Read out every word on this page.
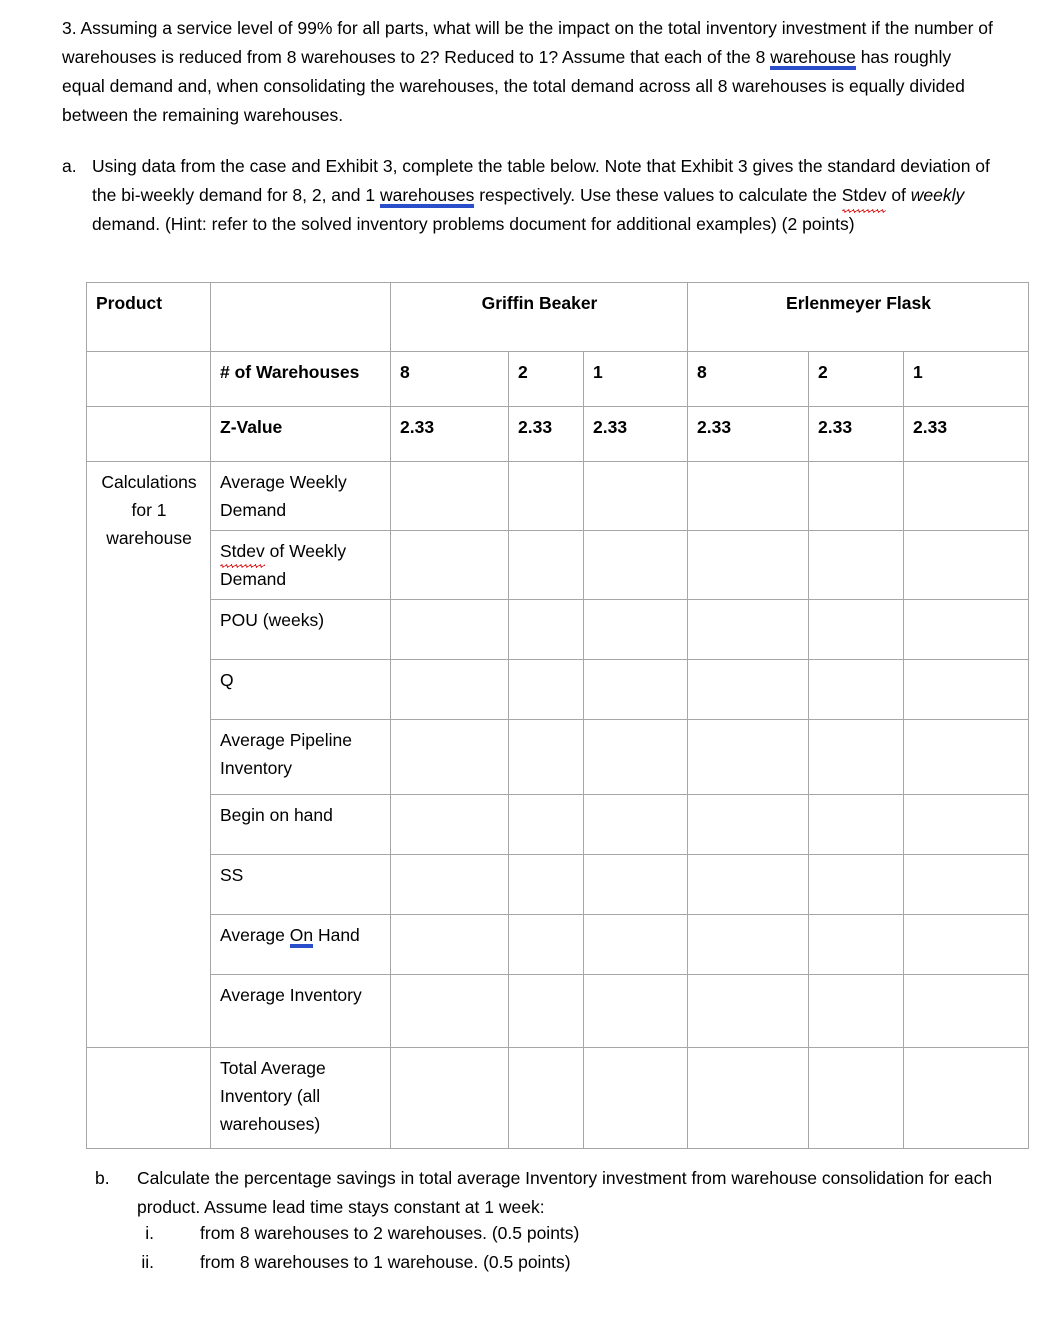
3. Assuming a service level of 99% for all parts, what will be the impact on the total inventory investment if the number of warehouses is reduced from 8 warehouses to 2? Reduced to 1? Assume that each of the 8 warehouse has roughly equal demand and, when consolidating the warehouses, the total demand across all 8 warehouses is equally divided between the remaining warehouses.

a. Using data from the case and Exhibit 3, complete the table below. Note that Exhibit 3 gives the standard deviation of the bi-weekly demand for 8, 2, and 1 warehouses respectively. Use these values to calculate the Stdev of weekly demand. (Hint: refer to the solved inventory problems document for additional examples) (2 points)

Product		Griffin Beaker			Erlenmeyer Flask		
	# of Warehouses	8	2	1	8	2	1
	Z-Value	2.33	2.33	2.33	2.33	2.33	2.33
Calculations for 1 warehouse	Average Weekly Demand						
	Stdev of Weekly Demand						
	POU (weeks)						
	Q						
	Average Pipeline Inventory						
	Begin on hand						
	SS						
	Average On Hand						
	Average Inventory						
	Total Average Inventory (all warehouses)						
b.	Calculate the percentage savings in total average Inventory investment from warehouse consolidation for each product. Assume lead time stays constant at 1 week:

i.	from 8 warehouses to 2 warehouses. (0.5 points)
ii.	from 8 warehouses to 1 warehouse. (0.5 points)
